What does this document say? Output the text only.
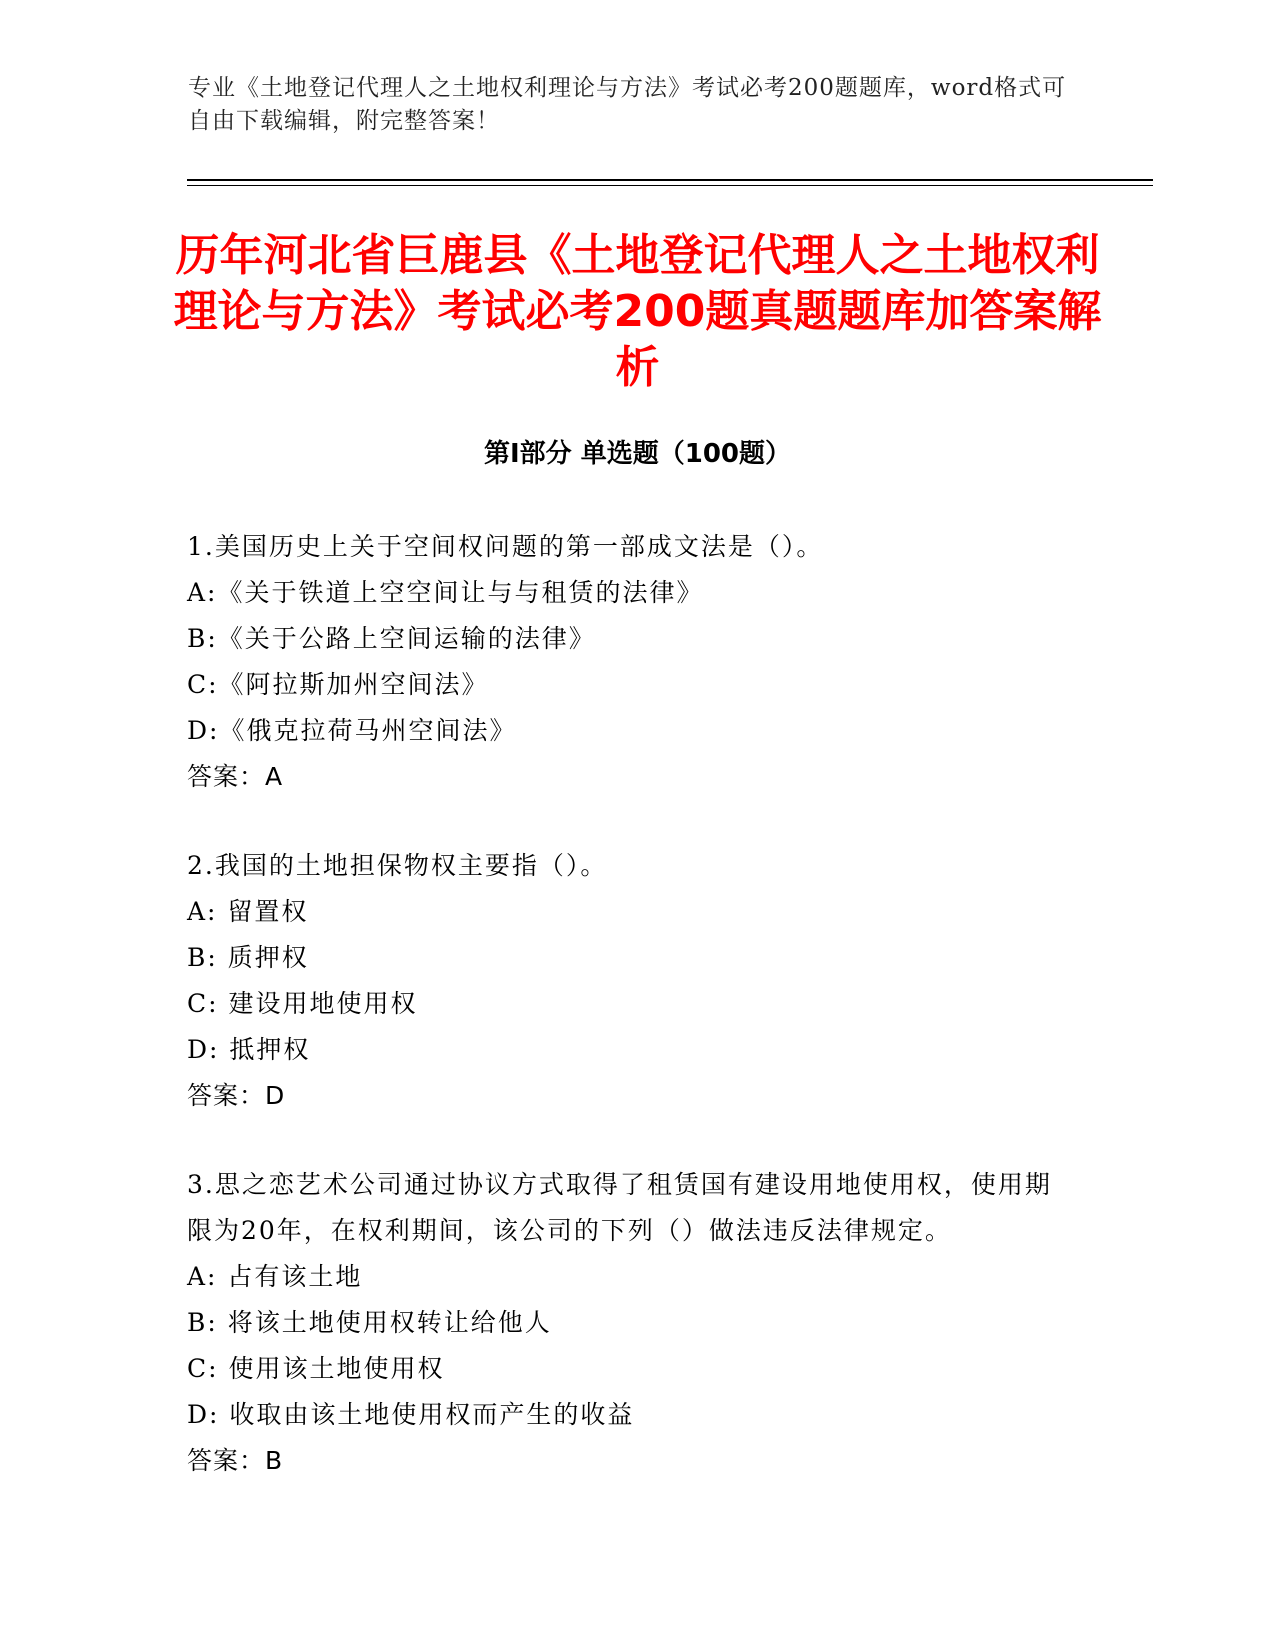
专业《土地登记代理人之土地权利理论与方法》考试必考200题题库，word格式可自由下载编辑，附完整答案！
历年河北省巨鹿县《土地登记代理人之土地权利理论与方法》考试必考200题真题题库加答案解析
第I部分 单选题（100题）
1.美国历史上关于空间权问题的第一部成文法是（）。
A:《关于铁道上空空间让与与租赁的法律》
B:《关于公路上空间运输的法律》
C:《阿拉斯加州空间法》
D:《俄克拉荷马州空间法》
答案：A
2.我国的土地担保物权主要指（）。
A: 留置权
B: 质押权
C: 建设用地使用权
D: 抵押权
答案：D
3.思之恋艺术公司通过协议方式取得了租赁国有建设用地使用权，使用期限为20年，在权利期间，该公司的下列（）做法违反法律规定。
A: 占有该土地
B: 将该土地使用权转让给他人
C: 使用该土地使用权
D: 收取由该土地使用权而产生的收益
答案：B
